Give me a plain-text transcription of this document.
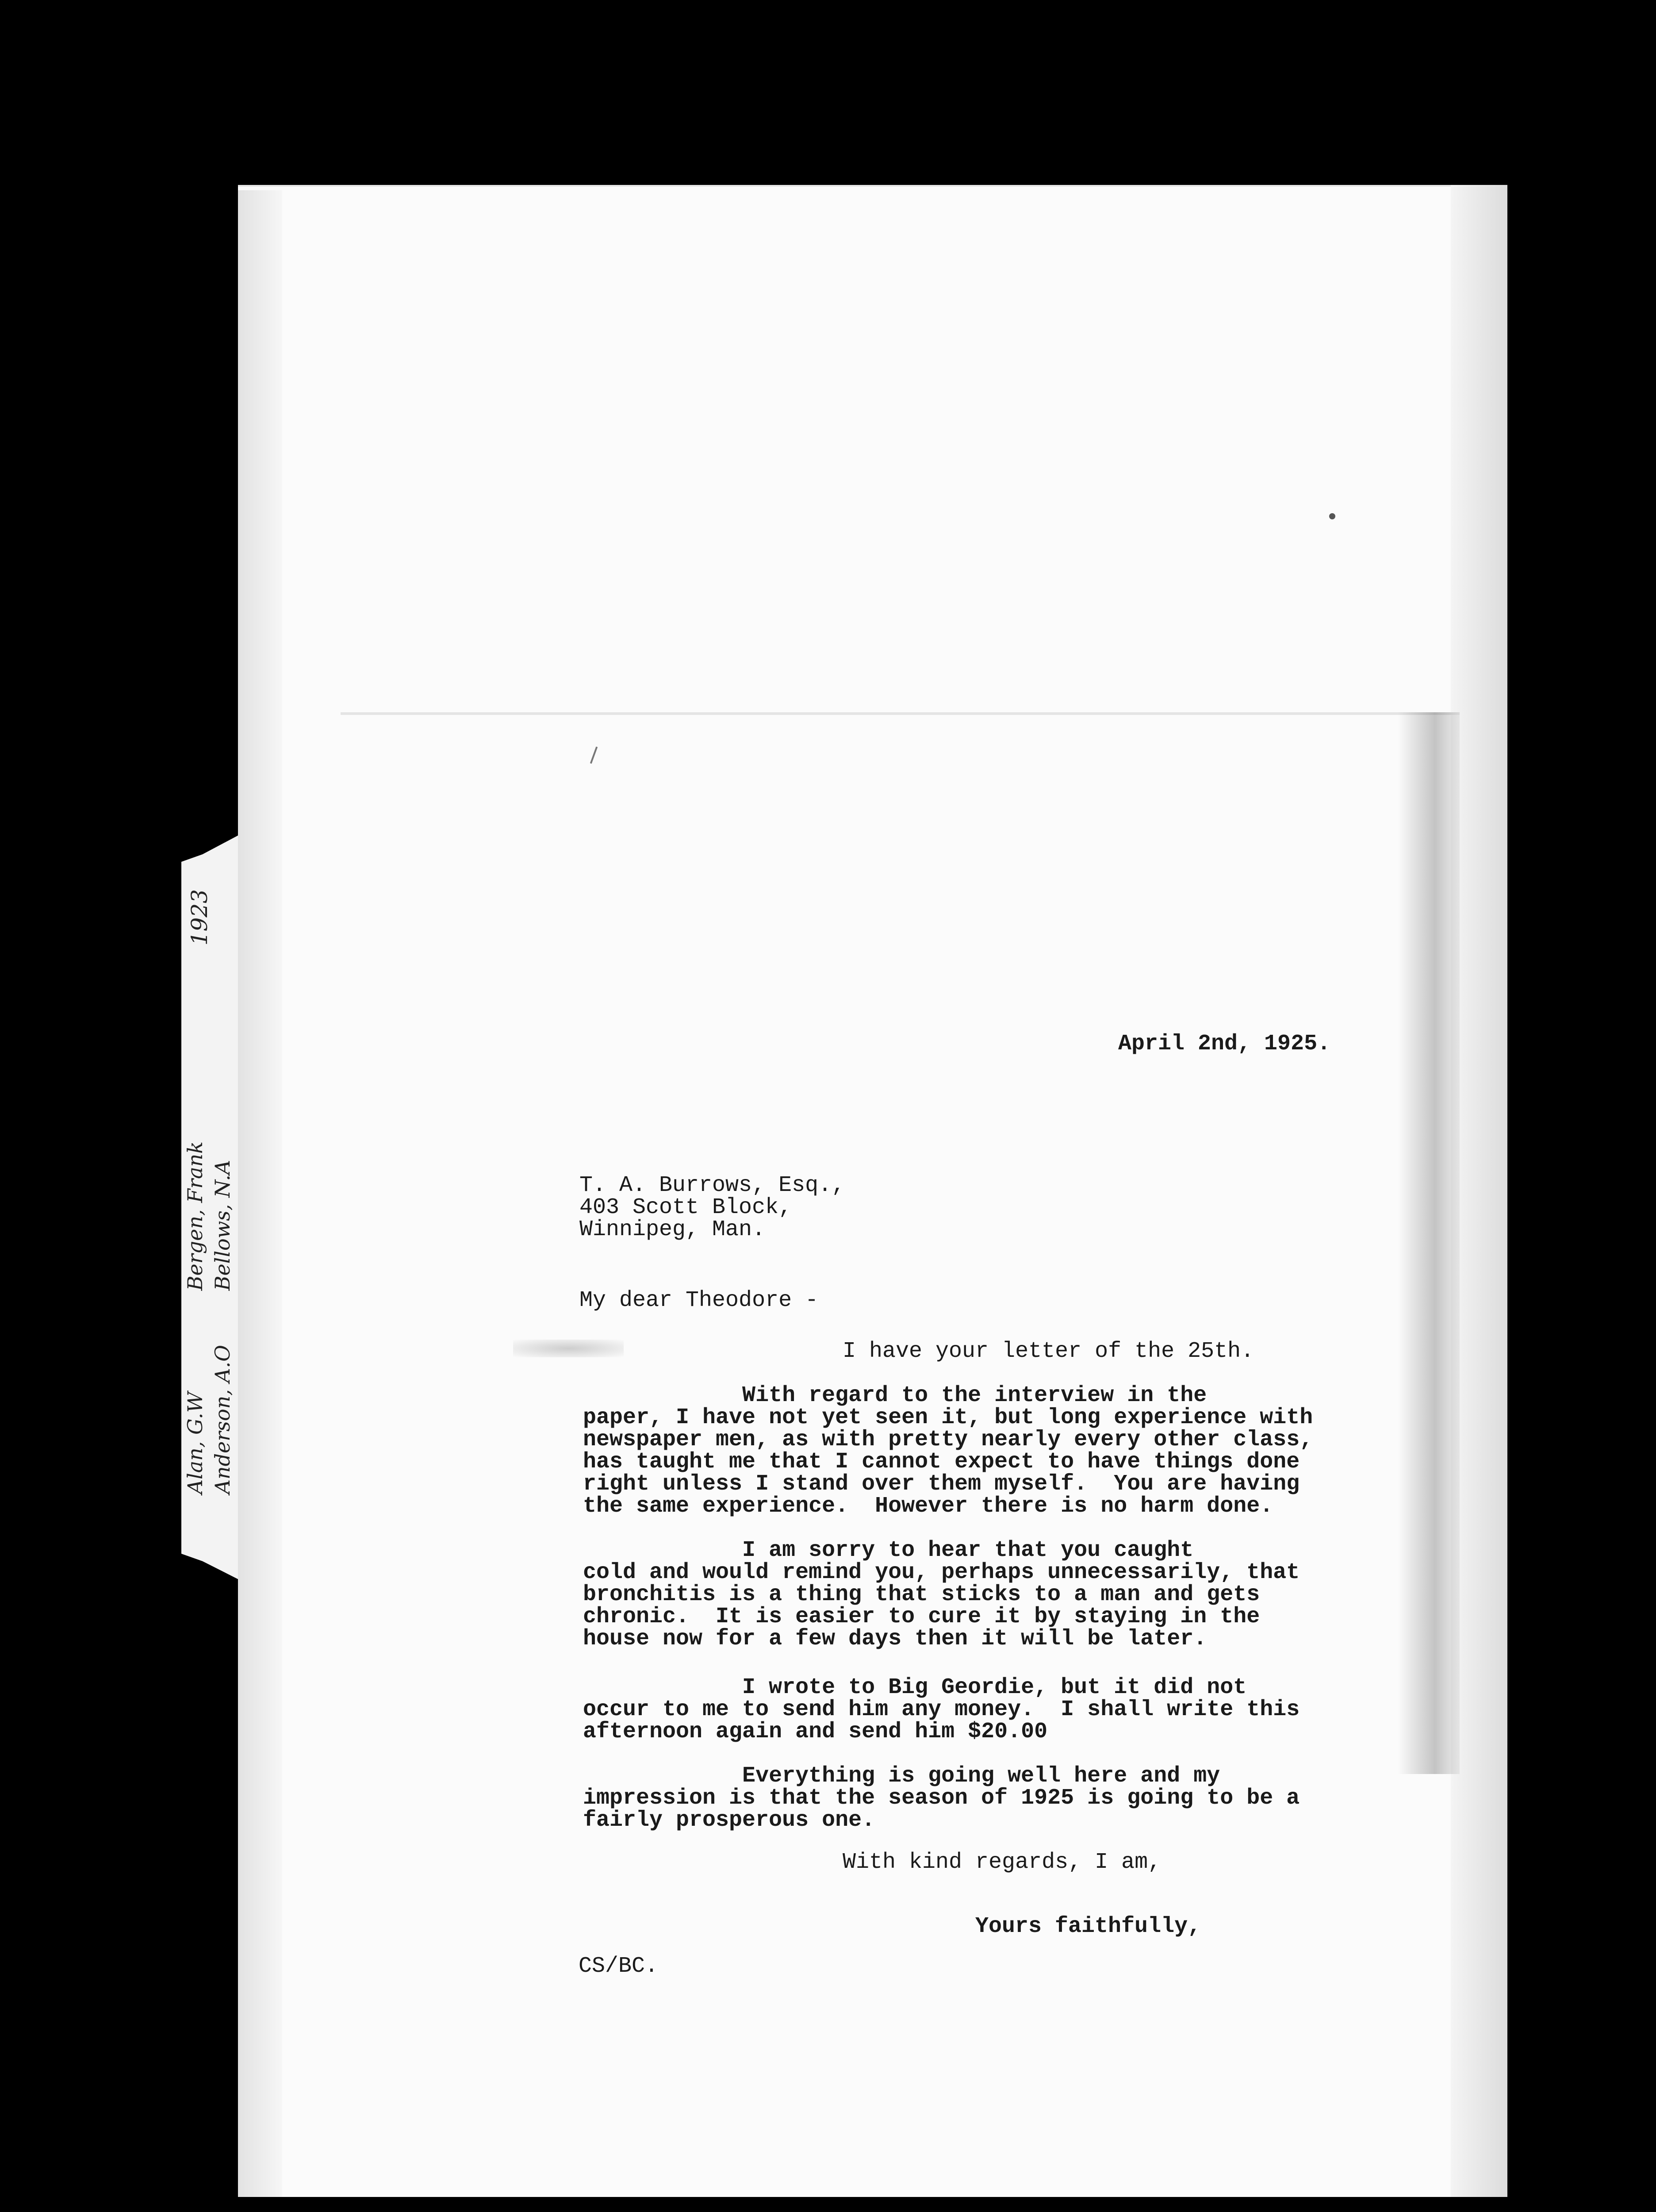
1923
Alan, G.W
Anderson, A.O

Bergen, Frank
Bellows, N.A

April 2nd, 1925.
T. A. Burrows, Esq.,
403 Scott Block,
Winnipeg, Man.
My dear Theodore -
I have your letter of the 25th.
With regard to the interview in the
paper, I have not yet seen it, but long experience with
newspaper men, as with pretty nearly every other class,
has taught me that I cannot expect to have things done
right unless I stand over them myself.  You are having
the same experience.  However there is no harm done.
I am sorry to hear that you caught
cold and would remind you, perhaps unnecessarily, that
bronchitis is a thing that sticks to a man and gets
chronic.  It is easier to cure it by staying in the
house now for a few days then it will be later.
I wrote to Big Geordie, but it did not
occur to me to send him any money.  I shall write this
afternoon again and send him $20.00
Everything is going well here and my
impression is that the season of 1925 is going to be a
fairly prosperous one.
With kind regards, I am,
Yours faithfully,
CS/BC.
